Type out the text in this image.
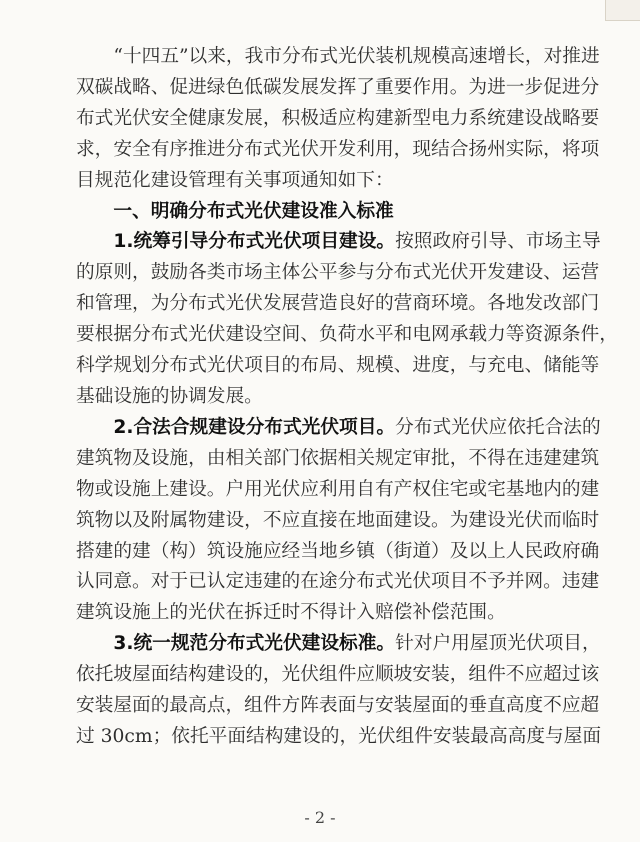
“十四五”以来，我市分布式光伏装机规模高速增长，对推进
双碳战略、促进绿色低碳发展发挥了重要作用。为进一步促进分
布式光伏安全健康发展，积极适应构建新型电力系统建设战略要
求，安全有序推进分布式光伏开发利用，现结合扬州实际，将项
目规范化建设管理有关事项通知如下：
一、明确分布式光伏建设准入标准
1.统筹引导分布式光伏项目建设。按照政府引导、市场主导
的原则，鼓励各类市场主体公平参与分布式光伏开发建设、运营
和管理，为分布式光伏发展营造良好的营商环境。各地发改部门
要根据分布式光伏建设空间、负荷水平和电网承载力等资源条件，
科学规划分布式光伏项目的布局、规模、进度，与充电、储能等
基础设施的协调发展。
2.合法合规建设分布式光伏项目。分布式光伏应依托合法的
建筑物及设施，由相关部门依据相关规定审批，不得在违建建筑
物或设施上建设。户用光伏应利用自有产权住宅或宅基地内的建
筑物以及附属物建设，不应直接在地面建设。为建设光伏而临时
搭建的建（构）筑设施应经当地乡镇（街道）及以上人民政府确
认同意。对于已认定违建的在途分布式光伏项目不予并网。违建
建筑设施上的光伏在拆迁时不得计入赔偿补偿范围。
3.统一规范分布式光伏建设标准。针对户用屋顶光伏项目，
依托坡屋面结构建设的，光伏组件应顺坡安装，组件不应超过该
安装屋面的最高点，组件方阵表面与安装屋面的垂直高度不应超
过 30cm；依托平面结构建设的，光伏组件安装最高高度与屋面
- 2 -
